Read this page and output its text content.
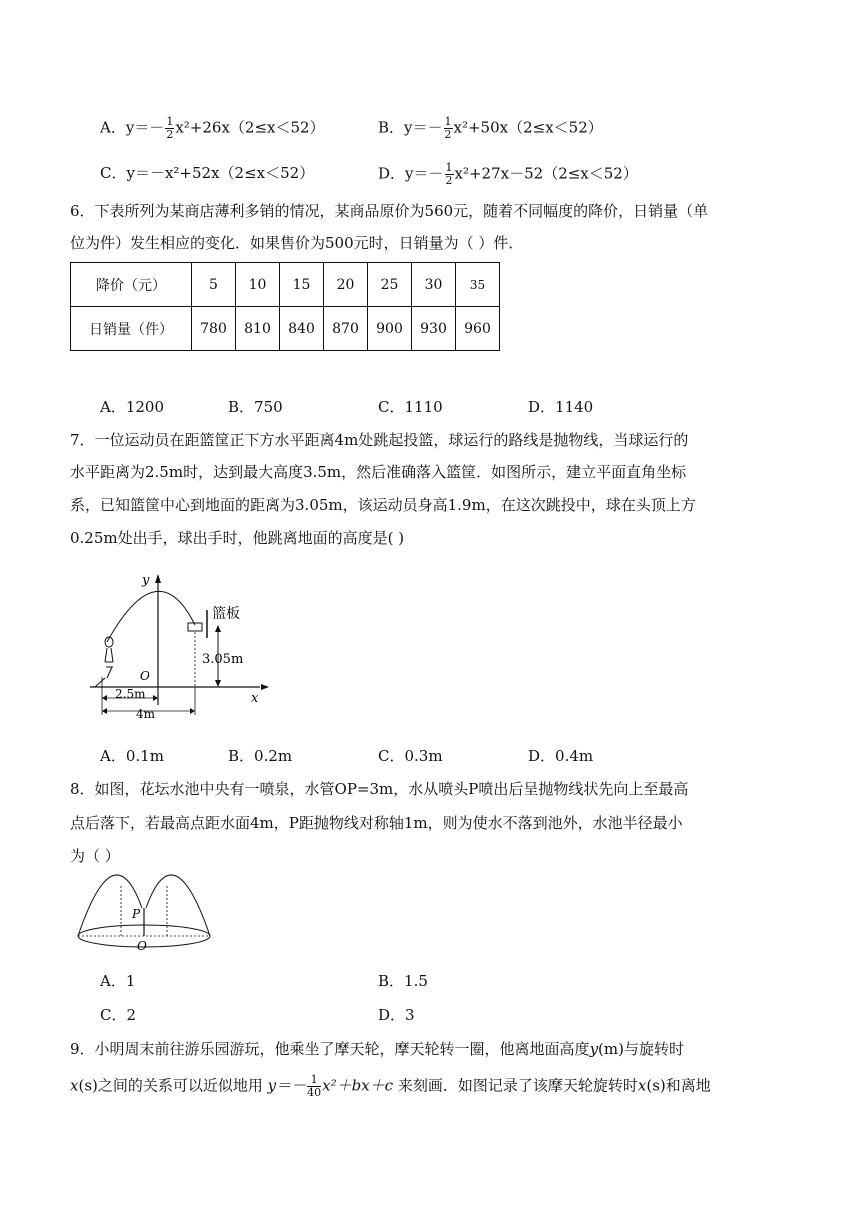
A．$y=- \frac{1}{2} x^2+26x(2\le x<52)$	B．$y=- \frac{1}{2} x^2+50x(2\le x<52)$
C．y＝－x²+52x（2≤x＜52）	D．$y=- \frac{1}{2} x^2+27x-52(2\le x<52)$
6．下表所列为某商店薄利多销的情况，某商品原价为560元，随着不同幅度的降价，日销量（单
位为件）发生相应的变化．如果售价为500元时，日销量为（ ）件．
降价（元）	5	10	15	20	25	30	35
日销量（件）	780	810	840	870	900	930	960
A．1200	B．750	C．1110	D．1140
7．一位运动员在距篮筐正下方水平距离4m处跳起投篮，球运行的路线是抛物线，当球运行的
水平距离为2.5m时，达到最大高度3.5m，然后准确落入篮筐．如图所示，建立平面直角坐标
系，已知篮筐中心到地面的距离为3.05m，该运动员身高1.9m，在这次跳投中，球在头顶上方
0.25m处出手，球出手时，他跳离地面的高度是( )
y
x
O
篮板
3.05m
2.5m
4m
A．0.1m	B．0.2m	C．0.3m	D．0.4m
8．如图，花坛水池中央有一喷泉，水管OP=3m，水从喷头P喷出后呈抛物线状先向上至最高
点后落下，若最高点距水面4m，P距抛物线对称轴1m，则为使水不落到池外，水池半径最小
为（ ）
P
O
A．1	B．1.5
C．2	D．3
9．小明周末前往游乐园游玩，他乘坐了摩天轮，摩天轮转一圈，他离地面高度y(m)与旋转时
x(s)之间的关系可以近似地用 $y=- \frac{1}{40} x^2+bx+c$ 来刻画．如图记录了该摩天轮旋转时x(s)和离地
